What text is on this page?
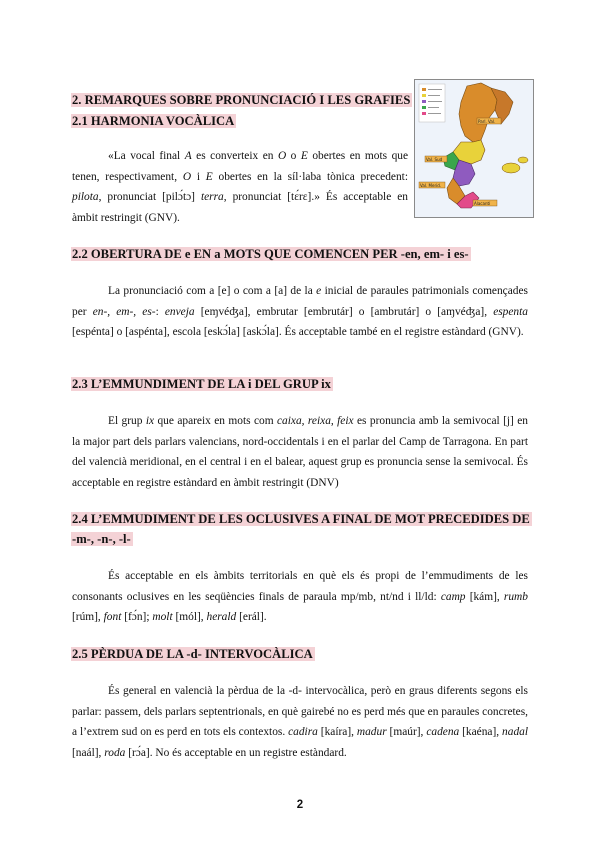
Parl. Val.
Val. Sud
Val. Merid.
Alacantí
2. REMARQUES SOBRE PRONUNCIACIÓ I LES GRAFIES
2.1 HARMONIA VOCÀLICA

«La vocal final A es converteix en O o E obertes en mots que tenen, respectivament, O i E obertes en la síl·laba tònica precedent: pilota, pronunciat [pilɔ́tɔ] terra, pronunciat [tɛ́rɛ].» És acceptable en àmbit restringit (GNV).

2.2 OBERTURA DE e EN a MOTS QUE COMENCEN PER -en, em- i es-

La pronunciació com a [e] o com a [a] de la e inicial de paraules patrimonials començades per en-, em-, es-: enveja [eɱvéʤa], embrutar [embrutár] o [ambrutár] o [aɱvéʤa], espenta [espénta] o [aspénta], escola [eskɔ́la] [askɔ́la]. És acceptable també en el registre estàndard (GNV).

2.3 L’EMMUNDIMENT DE LA i DEL GRUP ix

El grup ix que apareix en mots com caixa, reixa, feix es pronuncia amb la semivocal [j] en la major part dels parlars valencians, nord-occidentals i en el parlar del Camp de Tarragona. En part del valencià meridional, en el central i en el balear, aquest grup es pronuncia sense la semivocal. És acceptable en registre estàndard en àmbit restringit (DNV)

2.4 L’EMMUDIMENT DE LES OCLUSIVES A FINAL DE MOT PRECEDIDES DE
-m-, -n-, -l-

És acceptable en els àmbits territorials en què els és propi de l’emmudiments de les consonants oclusives en les seqüències finals de paraula mp/mb, nt/nd i ll/ld: camp [kám], rumb [rúm], font [fɔ́n]; molt [mól], herald [erál].

2.5 PÈRDUA DE LA -d- INTERVOCÀLICA

És general en valencià la pèrdua de la -d- intervocàlica, però en graus diferents segons els parlar: passem, dels parlars septentrionals, en què gairebé no es perd més que en paraules concretes, a l’extrem sud on es perd en tots els contextos. cadira [kaíra], madur [maúr], cadena [kaéna], nadal [naál], roda [rɔ́a]. No és acceptable en un registre estàndard.

2
